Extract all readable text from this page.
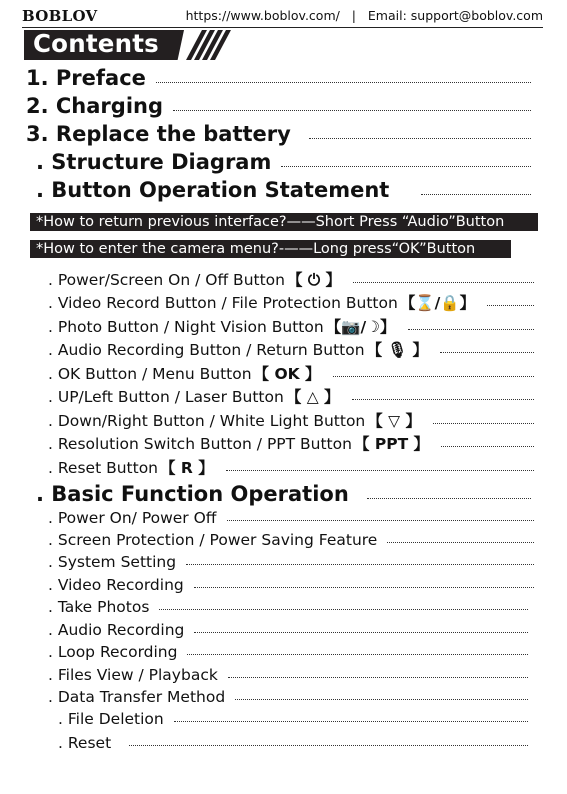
BOBLOV	https://www.boblov.com/ | Email: support@boblov.com
Contents
1. Preface
2. Charging
3. Replace the battery
. Structure Diagram
. Button Operation Statement
*How to return previous interface?——Short Press “Audio”Button
*How to enter the camera menu?-——Long press“OK”Button
. Power/Screen On / Off Button 【 ⏻ 】
. Video Record Button / File Protection Button 【⌛/🔒】
. Photo Button / Night Vision Button 【📷/☽】
. Audio Recording Button / Return Button 【 🎙 】
. OK Button / Menu Button 【 OK 】
. UP/Left Button / Laser Button 【 △ 】
. Down/Right Button / White Light Button 【 ▽ 】
. Resolution Switch Button / PPT Button 【 PPT 】
. Reset Button 【 R 】
. Basic Function Operation
. Power On/ Power Off
. Screen Protection / Power Saving Feature
. System Setting
. Video Recording
. Take Photos
. Audio Recording
. Loop Recording
. Files View / Playback
. Data Transfer Method
. File Deletion
. Reset
